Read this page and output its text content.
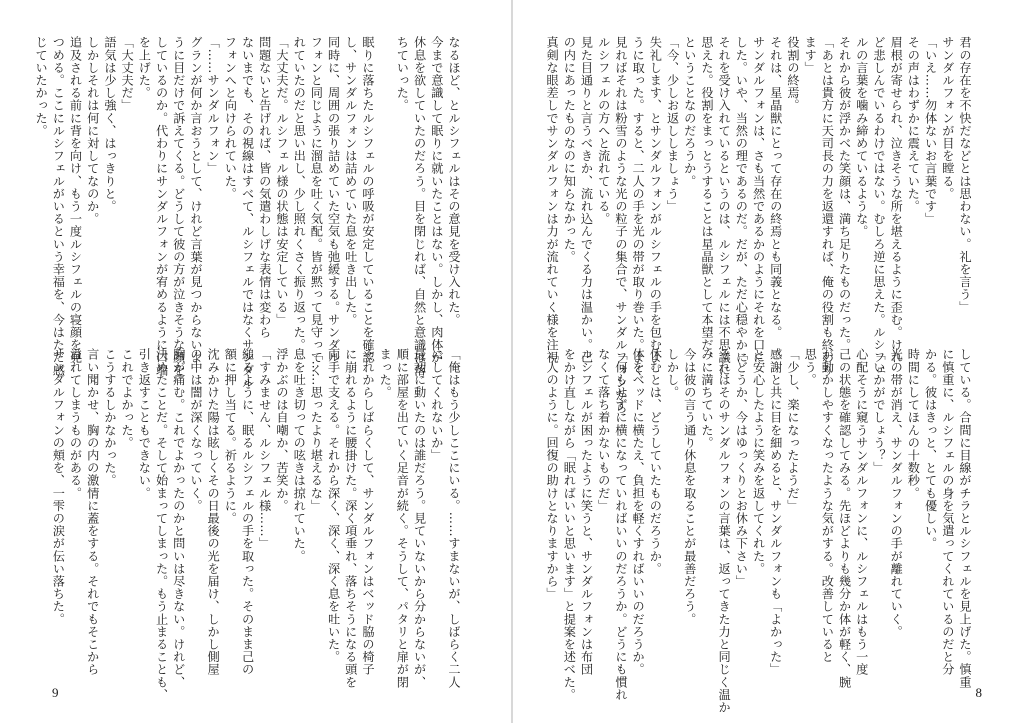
なるほど、とルシフェルはその意見を受け入れた。
今まで意識して眠りに就いたことはない。しかし、肉体が
休息を欲していたのだろう。目を閉じれば、自然と意識は落
ちていった。

眠りに落ちたルシフェルの呼吸が安定していることを確認
し、サンダルフォンは詰めていた息を吐き出した。
同時に、周囲の張り詰めていた空気も弛緩する。サンダル
フォンと同じように溜息を吐く気配。皆が黙って見守ってく
れていたのだと思い出し、少し照れくさく振り返った。
「大丈夫だ。ルシフェル様の状態は安定している」
問題ないと告げれば、皆の気遣わしげな表情は変わら
ないまでも、その視線はすべて、ルシフェルではなくサンダル
フォンへと向けられていた。
「……サンダルフォン」
グランが何か言おうとして、けれど言葉が見つからないよ
うに目だけで訴えてくる。どうして彼の方が泣きそうな顔を
しているのか。代わりにサンダルフォンが宥めるように口端
を上げた。
「大丈夫だ」
語気は少し強く、はっきりと。
しかしそれは何に対してなのか。
追及される前に背を向け、もう一度ルシフェルの寝顔を見
つめる。ここにルシフェルがいるという幸福を、今はただ感
じていたかった。
「俺はもう少しここにいる。……すまないが、しばらく二人
にしてくれないか」
最初に動いたのは誰だろう。見ていないから分からないが、
順に部屋を出ていく足音が続く。そうして、パタリと扉が閉
まった。
それからしばらくして、サンダルフォンはベッド脇の椅子
に崩れるように腰掛けた。深く項垂れ、落ちそうになる頭を
両手で支える。それから深く、深く、深く息を吐いた。
「……思ったより堪えるな」
息を吐き切っての呟きは掠れていた。
浮かぶのは自嘲か、苦笑か。
「すみません、ルシフェル様……」
縋るように、眠るルシフェルの手を取った。そのまま己の
額に押し当てる。祈るように。
沈みかけた陽は眩しくその日最後の光を届け、しかし側屋
の中は闇が深くなっていく。
胸が痛む。これでよかったのかと問いは尽きない。けれど、
決めたことだ。そして始まってしまった。もう止まることも、
引き返すこともできない。
これでよかった。
こうするしかなかった。
言い聞かせ、胸の内の激情に蓋をする。それでもそこから
溢れてしまうものがある。
サンダルフォンの頬を、一雫の涙が伝い落ちた。
9
君の存在を不快だなどとは思わない。礼を言う」
サンダルフォンが目を瞠る。
「いえ……勿体ないお言葉です」
その声はわずかに震えていた。
眉根が寄せられ、泣きそうな所を堪えるように歪む。けれ
ど悲しんでいるわけではない。むしろ逆に思えた。ルシフェ
ルの言葉を噛み締めているような。
それから彼が浮かべた笑顔は、満ち足りたものだった。
「あとは貴方に天司長の力を返還すれば、俺の役割も終わり
ます」
役割の終焉。
それは、星晶獣にとって存在の終焉とも同義となる。
サンダルフォンは、さも当然であるかのようにそれを口に
した。いや、当然の理であるのだ。だが、ただ心穏やかに
それを受け入れているというのは、ルシフェルには不思議に
思えた。役割をまっとうすることは星晶獣として本望だ、
ということなのだろうか。
「今、少しお返ししましょう」
失礼します、とサンダルフォンがルシフェルの手を包むよ
うに取った。すると、二人の手を光の帯が取り巻いた。よく
見ればそれは粉雪のような光の粒子の集合で、サンダルフォンから
ルシフェルの方へと流れている。
見た目通りと言うべきか、流れ込んでくる力は温かい。己
の内にあったものなのに知らなかった。
真剣な眼差しでサンダルフォンは力が流れていく様を注視
している。合間に目線がチラとルシフェルを見上げた。慎重
に慎重に、ルシフェルの身を気遣ってくれているのだと分
かる。彼はきっと、とても優しい。
時間にしてほんの十数秒。
光の帯が消え、サンダルフォンの手が離れていく。
「いかがでしょう？」
心配そうに窺うサンダルフォンに、ルシフェルはもう一度
己の状態を確認してみる。先ほどよりも幾分か体が軽く、腕
が動かしやすくなったような気がする。改善していると
思う。
「少し、楽になったようだ」
感謝と共に目を細めると、サンダルフォンも「よかった」
と安心したように笑みを返してくれた。
「どうか、今はゆっくりとお休み下さい」
それはそのサンダルフォンの言葉は、返ってきた力と同じく温か
みに満ちていた。
今は彼の言う通り休息を取ることが最善だろう。
しかし。
休むとは、どうしていたものだろうか。
体をベッドに横たえ、負担を軽くすればいいのだろうか。
「何もせずに横になっていればいいのだろうか。どうにも慣れ
なくて落ち着かないものだ」
ルシフェルが困ったように笑うと、サンダルフォンは布団
をかけ直しながら「眠ればいいと思います」と提案を述べた。
「人のように。回復の助けとなりますから」
8
